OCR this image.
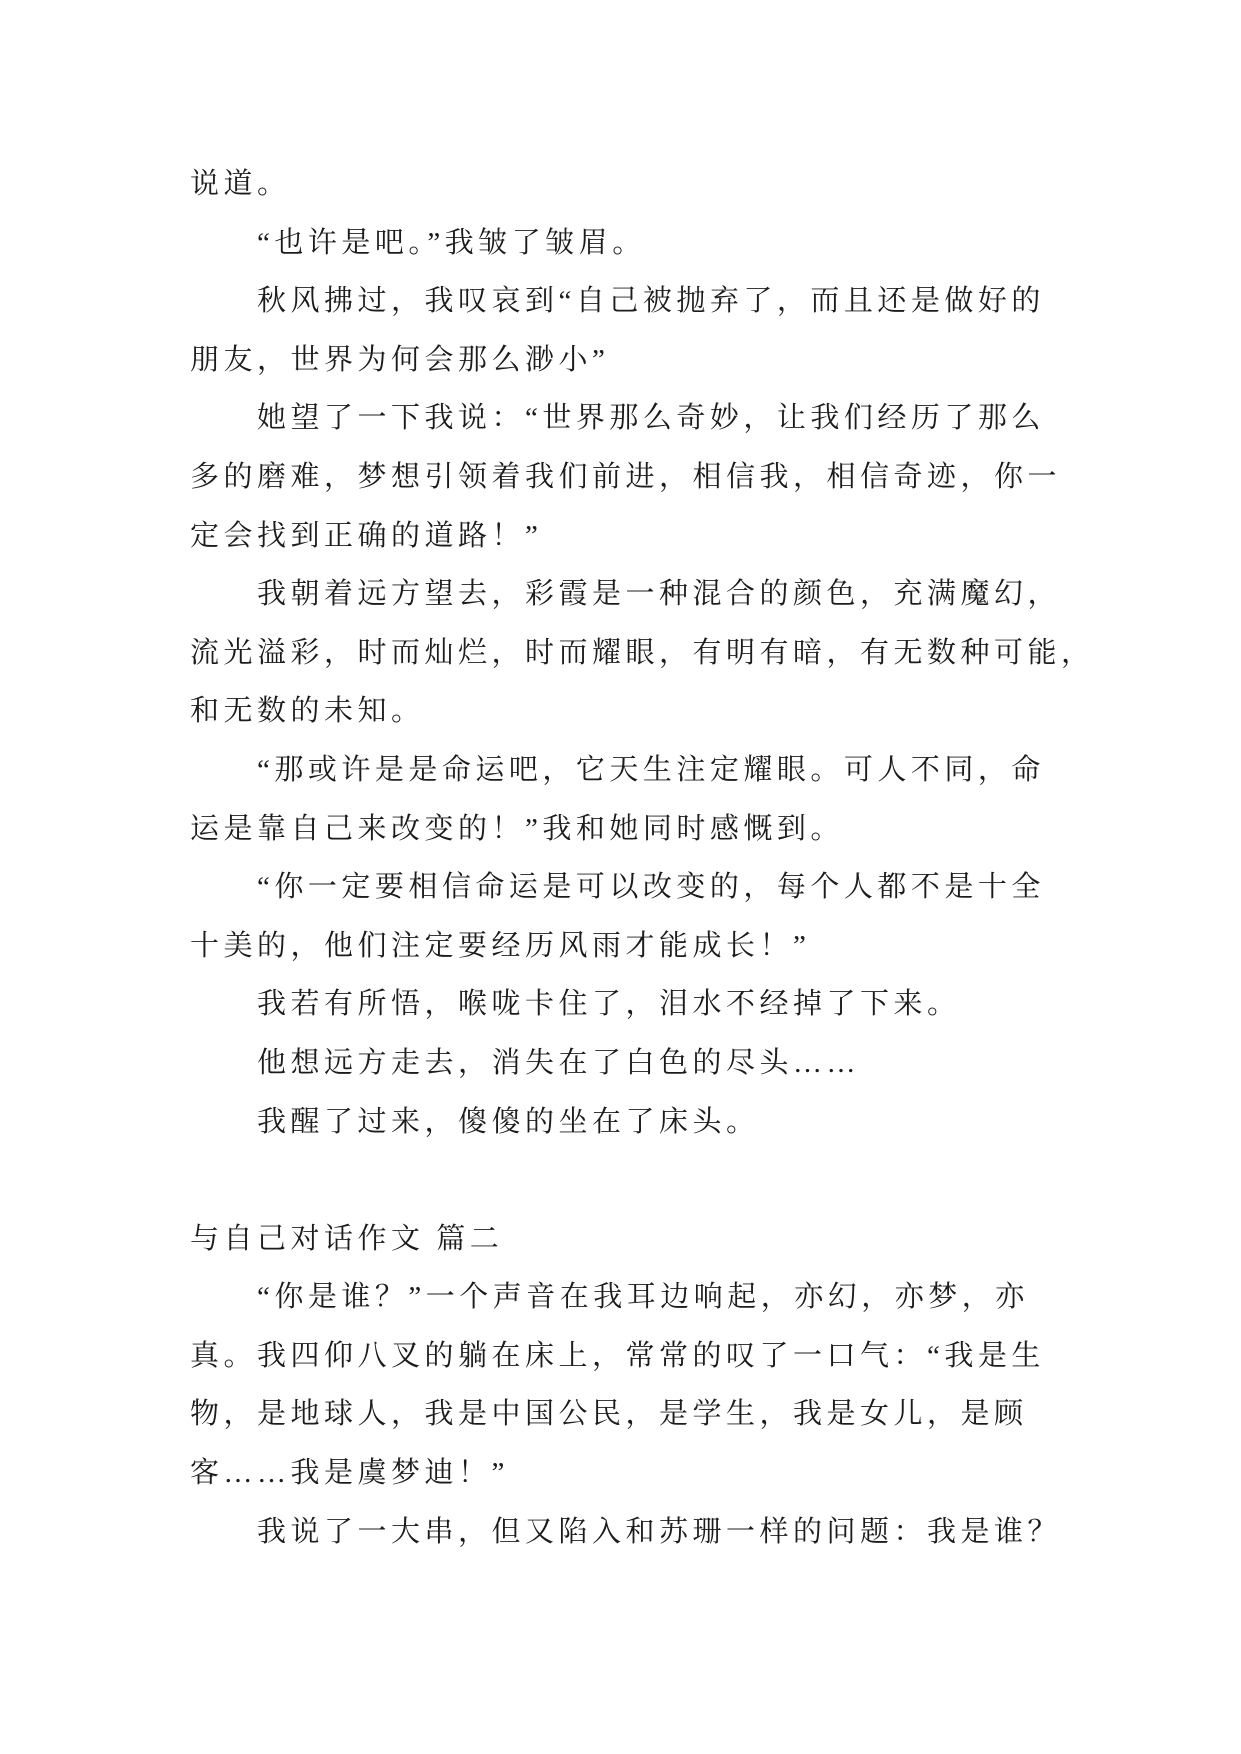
说道。
“也许是吧。”我皱了皱眉。
秋风拂过，我叹哀到“自己被抛弃了，而且还是做好的
朋友，世界为何会那么渺小”
她望了一下我说：“世界那么奇妙，让我们经历了那么
多的磨难，梦想引领着我们前进，相信我，相信奇迹，你一
定会找到正确的道路！”
我朝着远方望去，彩霞是一种混合的颜色，充满魔幻，
流光溢彩，时而灿烂，时而耀眼，有明有暗，有无数种可能，
和无数的未知。
“那或许是是命运吧，它天生注定耀眼。可人不同，命
运是靠自己来改变的！”我和她同时感慨到。
“你一定要相信命运是可以改变的，每个人都不是十全
十美的，他们注定要经历风雨才能成长！”
我若有所悟，喉咙卡住了，泪水不经掉了下来。
他想远方走去，消失在了白色的尽头……
我醒了过来，傻傻的坐在了床头。
与自己对话作文 篇二
“你是谁？”一个声音在我耳边响起，亦幻，亦梦，亦
真。我四仰八叉的躺在床上，常常的叹了一口气：“我是生
物，是地球人，我是中国公民，是学生，我是女儿，是顾
客……我是虞梦迪！”
我说了一大串，但又陷入和苏珊一样的问题：我是谁？
